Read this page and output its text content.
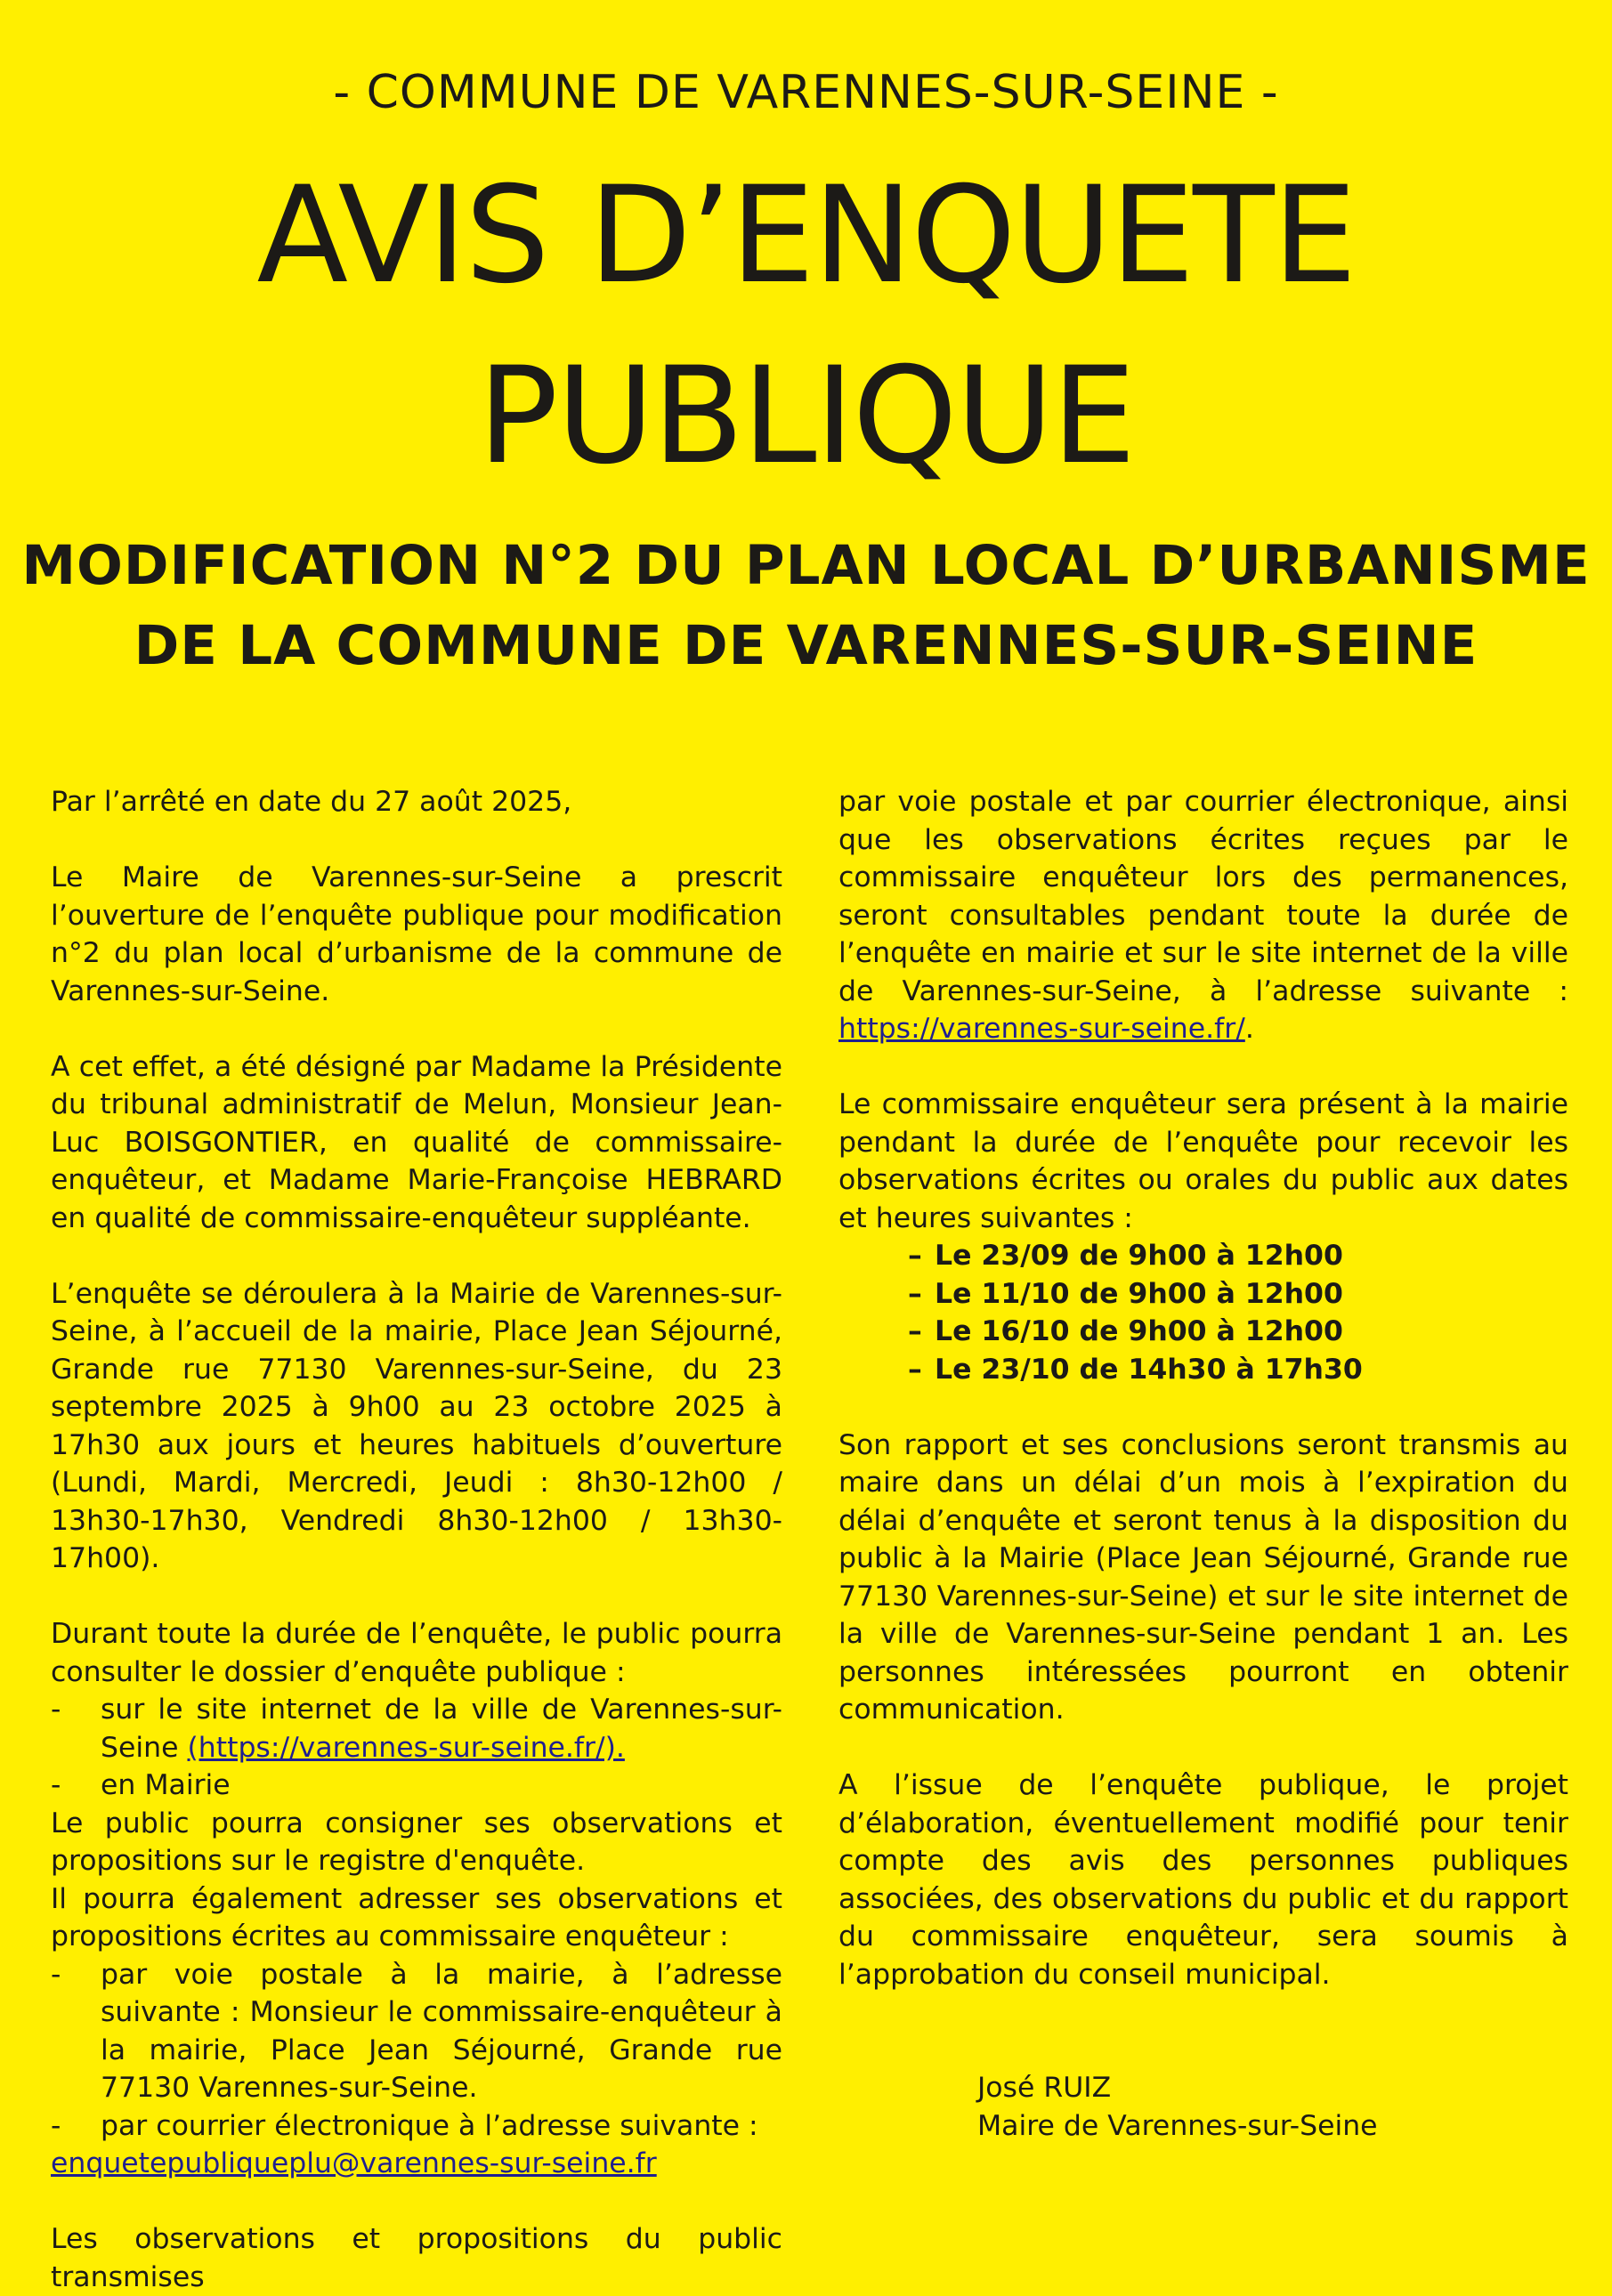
- COMMUNE DE VARENNES-SUR-SEINE -
AVIS D’ENQUETE
PUBLIQUE
MODIFICATION N°2 DU PLAN LOCAL D’URBANISME
DE LA COMMUNE DE VARENNES-SUR-SEINE

Par l’arrêté en date du 27 août 2025,

Le Maire de Varennes-sur-Seine a prescrit l’ouverture de l’enquête publique pour modification n°2 du plan local d’urbanisme de la commune de Varennes-sur-Seine.

A cet effet, a été désigné par Madame la Présidente du tribunal administratif de Melun, Monsieur Jean-Luc BOISGONTIER, en qualité de commissaire-enquêteur, et Madame Marie-Françoise HEBRARD en qualité de commissaire-enquêteur suppléante.

L’enquête se déroulera à la Mairie de Varennes-sur-Seine, à l’accueil de la mairie, Place Jean Séjourné, Grande rue 77130 Varennes-sur-Seine, du 23 septembre 2025 à 9h00 au 23 octobre 2025 à 17h30 aux jours et heures habituels d’ouverture (Lundi, Mardi, Mercredi, Jeudi : 8h30-12h00 / 13h30-17h30, Vendredi 8h30-12h00 / 13h30-17h00).

Durant toute la durée de l’enquête, le public pourra consulter le dossier d’enquête publique :

-	sur le site internet de la ville de Varennes-sur-Seine (https://varennes-sur-seine.fr/).
-	en Mairie

Le public pourra consigner ses observations et propositions sur le registre d'enquête.

Il pourra également adresser ses observations et propositions écrites au commissaire enquêteur :

-	par voie postale à la mairie, à l’adresse suivante : Monsieur le commissaire-enquêteur à la mairie, Place Jean Séjourné, Grande rue 77130 Varennes-sur-Seine.
-	par courrier électronique à l’adresse suivante :

enquetepubliqueplu@varennes-sur-seine.fr

Les observations et propositions du public transmises

par voie postale et par courrier électronique, ainsi que les observations écrites reçues par le commissaire enquêteur lors des permanences, seront consultables pendant toute la durée de l’enquête en mairie et sur le site internet de la ville de Varennes-sur-Seine, à l’adresse suivante : https://varennes-sur-seine.fr/.

Le commissaire enquêteur sera présent à la mairie pendant la durée de l’enquête pour recevoir les observations écrites ou orales du public aux dates et heures suivantes :

– Le 23/09 de 9h00 à 12h00
– Le 11/10 de 9h00 à 12h00
– Le 16/10 de 9h00 à 12h00
– Le 23/10 de 14h30 à 17h30

Son rapport et ses conclusions seront transmis au maire dans un délai d’un mois à l’expiration du délai d’enquête et seront tenus à la disposition du public à la Mairie (Place Jean Séjourné, Grande rue 77130 Varennes-sur-Seine) et sur le site internet de la ville de Varennes-sur-Seine pendant 1 an. Les personnes intéressées pourront en obtenir communication.

A l’issue de l’enquête publique, le projet d’élaboration, éventuellement modifié pour tenir compte des avis des personnes publiques associées, des observations du public et du rapport du commissaire enquêteur, sera soumis à l’approbation du conseil municipal.

José RUIZ

Maire de Varennes-sur-Seine
